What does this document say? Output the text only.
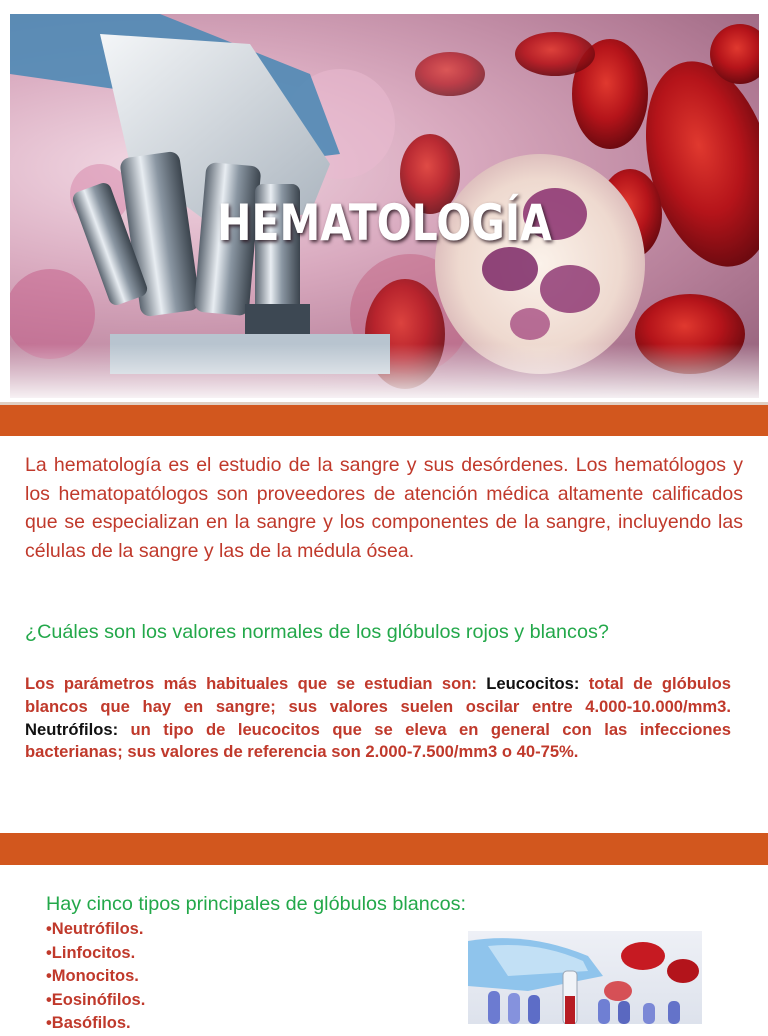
HEMATOLOGÍA

La hematología es el estudio de la sangre y sus desórdenes. Los hematólogos y los hematopatólogos son proveedores de atención médica altamente calificados que se especializan en la sangre y los componentes de la sangre, incluyendo las células de la sangre y las de la médula ósea.

¿Cuáles son los valores normales de los glóbulos rojos y blancos?

Los parámetros más habituales que se estudian son: Leucocitos: total de glóbulos blancos que hay en sangre; sus valores suelen oscilar entre 4.000-10.000/mm3. Neutrófilos: un tipo de leucocitos que se eleva en general con las infecciones bacterianas; sus valores de referencia son 2.000-7.500/mm3 o 40-75%.

Hay cinco tipos principales de glóbulos blancos:
•Neutrófilos.
•Linfocitos.
•Monocitos.
•Eosinófilos.
•Basófilos.
